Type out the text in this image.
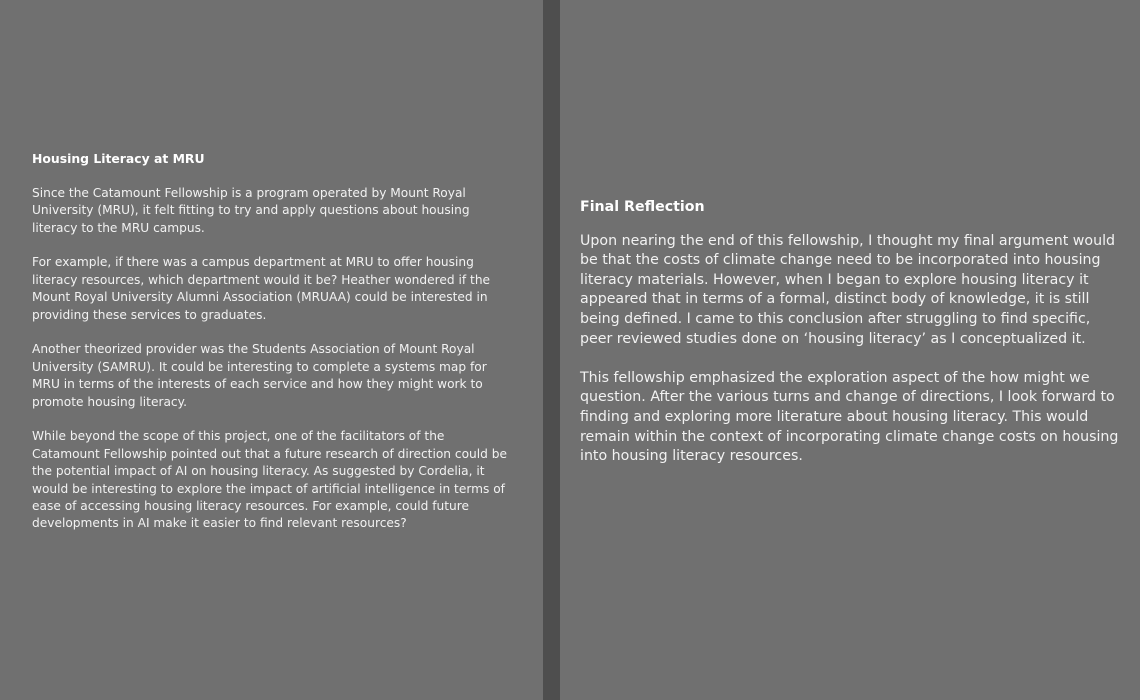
Housing Literacy at MRU

Since the Catamount Fellowship is a program operated by Mount Royal University (MRU), it felt fitting to try and apply questions about housing literacy to the MRU campus.

For example, if there was a campus department at MRU to offer housing literacy resources, which department would it be? Heather wondered if the Mount Royal University Alumni Association (MRUAA) could be interested in providing these services to graduates.

Another theorized provider was the Students Association of Mount Royal University (SAMRU). It could be interesting to complete a systems map for MRU in terms of the interests of each service and how they might work to promote housing literacy.

While beyond the scope of this project, one of the facilitators of the Catamount Fellowship pointed out that a future research of direction could be the potential impact of AI on housing literacy. As suggested by Cordelia, it would be interesting to explore the impact of artificial intelligence in terms of ease of accessing housing literacy resources. For example, could future developments in AI make it easier to find relevant resources?

Final Reflection

Upon nearing the end of this fellowship, I thought my final argument would be that the costs of climate change need to be incorporated into housing literacy materials. However, when I began to explore housing literacy it appeared that in terms of a formal, distinct body of knowledge, it is still being defined. I came to this conclusion after struggling to find specific, peer reviewed studies done on ‘housing literacy’ as I conceptualized it.

This fellowship emphasized the exploration aspect of the how might we question. After the various turns and change of directions, I look forward to finding and exploring more literature about housing literacy. This would remain within the context of incorporating climate change costs on housing into housing literacy resources.
